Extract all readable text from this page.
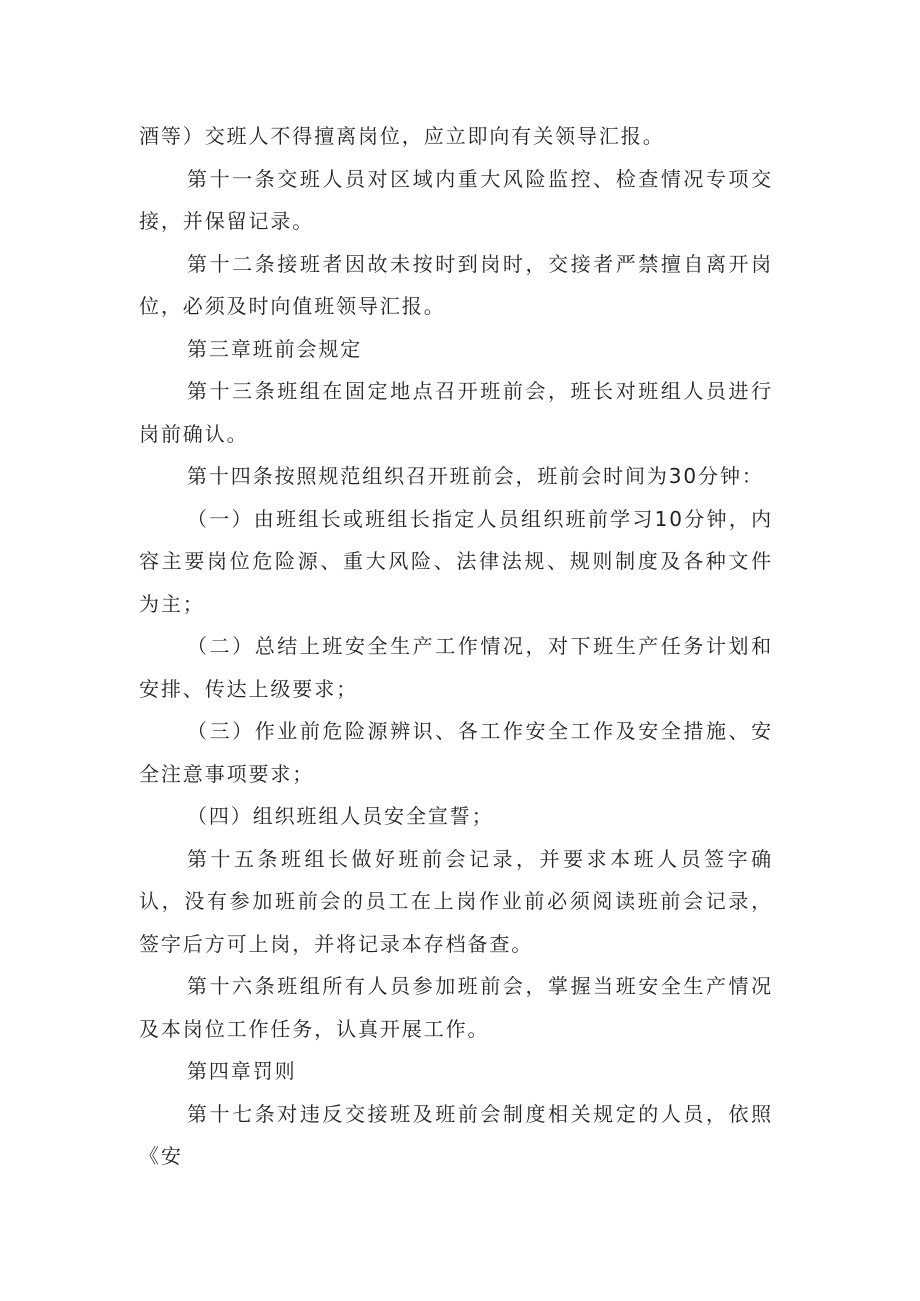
酒等）交班人不得擅离岗位，应立即向有关领导汇报。

第十一条交班人员对区域内重大风险监控、检查情况专项交接，并保留记录。

第十二条接班者因故未按时到岗时，交接者严禁擅自离开岗位，必须及时向值班领导汇报。

第三章班前会规定

第十三条班组在固定地点召开班前会，班长对班组人员进行岗前确认。

第十四条按照规范组织召开班前会，班前会时间为30分钟：

（一）由班组长或班组长指定人员组织班前学习10分钟，内容主要岗位危险源、重大风险、法律法规、规则制度及各种文件为主；

（二）总结上班安全生产工作情况，对下班生产任务计划和安排、传达上级要求；

（三）作业前危险源辨识、各工作安全工作及安全措施、安全注意事项要求；

（四）组织班组人员安全宣誓；

第十五条班组长做好班前会记录，并要求本班人员签字确认，没有参加班前会的员工在上岗作业前必须阅读班前会记录，签字后方可上岗，并将记录本存档备查。

第十六条班组所有人员参加班前会，掌握当班安全生产情况及本岗位工作任务，认真开展工作。

第四章罚则

第十七条对违反交接班及班前会制度相关规定的人员，依照《安
